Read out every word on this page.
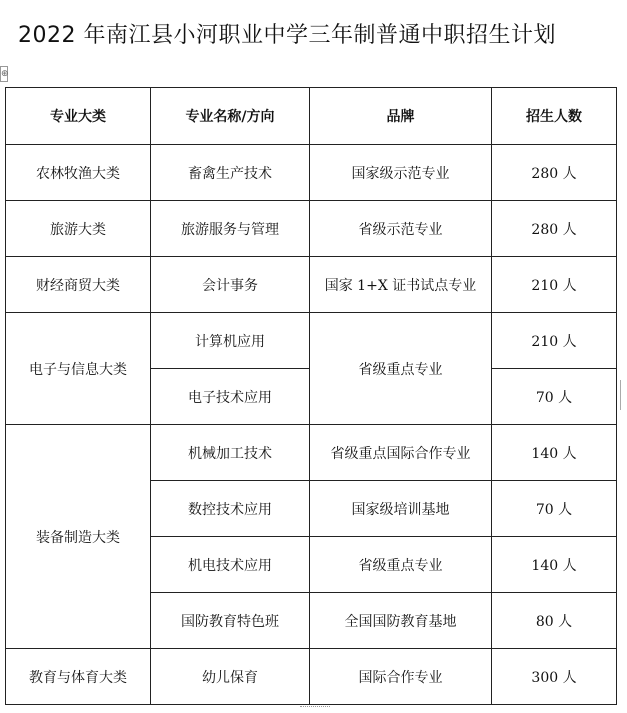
2022 年南江县小河职业中学三年制普通中职招生计划
⊕
专业大类	专业名称/方向	品牌	招生人数
农林牧渔大类	畜禽生产技术	国家级示范专业	280 人
旅游大类	旅游服务与管理	省级示范专业	280 人
财经商贸大类	会计事务	国家 1+X 证书试点专业	210 人
电子与信息大类	计算机应用	省级重点专业	210 人
	电子技术应用		70 人
装备制造大类	机械加工技术	省级重点国际合作专业	140 人
	数控技术应用	国家级培训基地	70 人
	机电技术应用	省级重点专业	140 人
	国防教育特色班	全国国防教育基地	80 人
教育与体育大类	幼儿保育	国际合作专业	300 人
